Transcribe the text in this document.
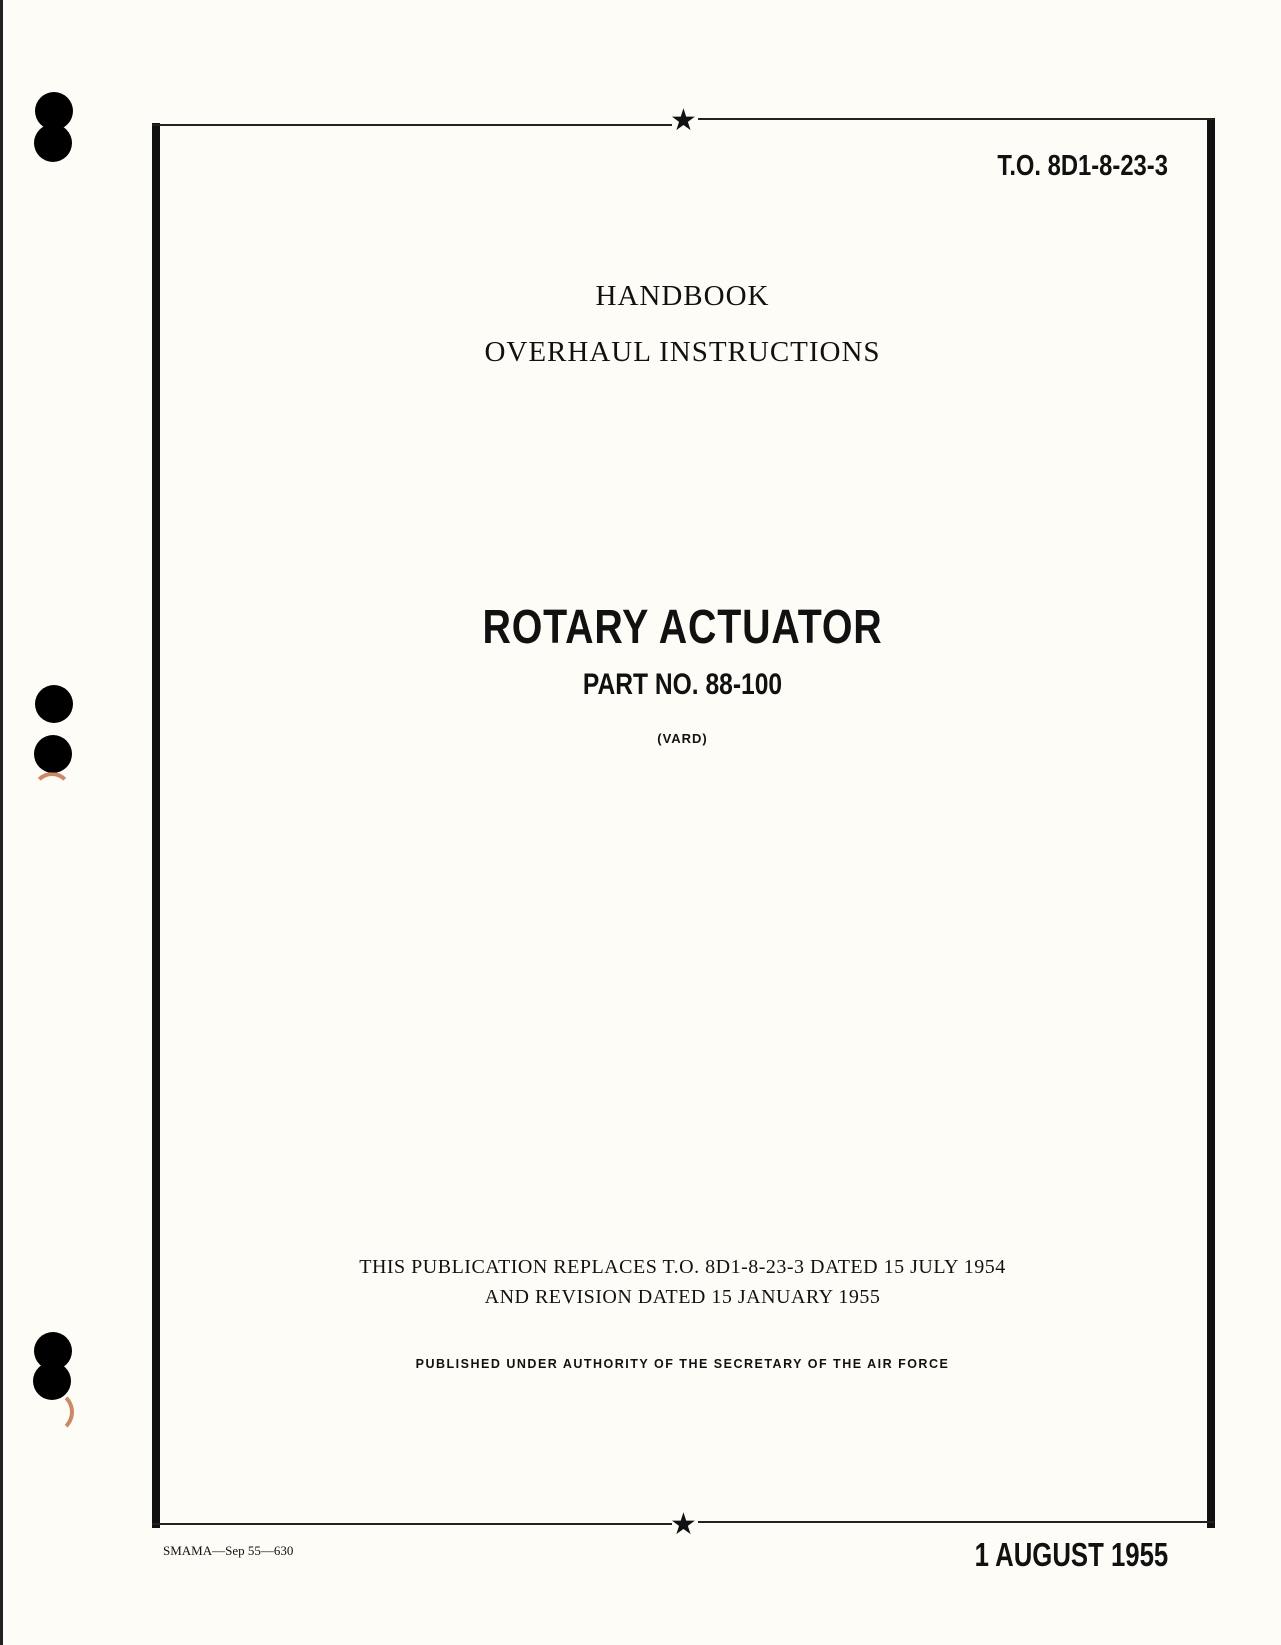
★
★
T.O. 8D1-8-23-3
HANDBOOK
OVERHAUL INSTRUCTIONS
ROTARY ACTUATOR
PART NO. 88-100
(VARD)
THIS PUBLICATION REPLACES T.O. 8D1-8-23-3 DATED 15 JULY 1954
AND REVISION DATED 15 JANUARY 1955
PUBLISHED UNDER AUTHORITY OF THE SECRETARY OF THE AIR FORCE
SMAMA—Sep 55—630	1 AUGUST 1955
